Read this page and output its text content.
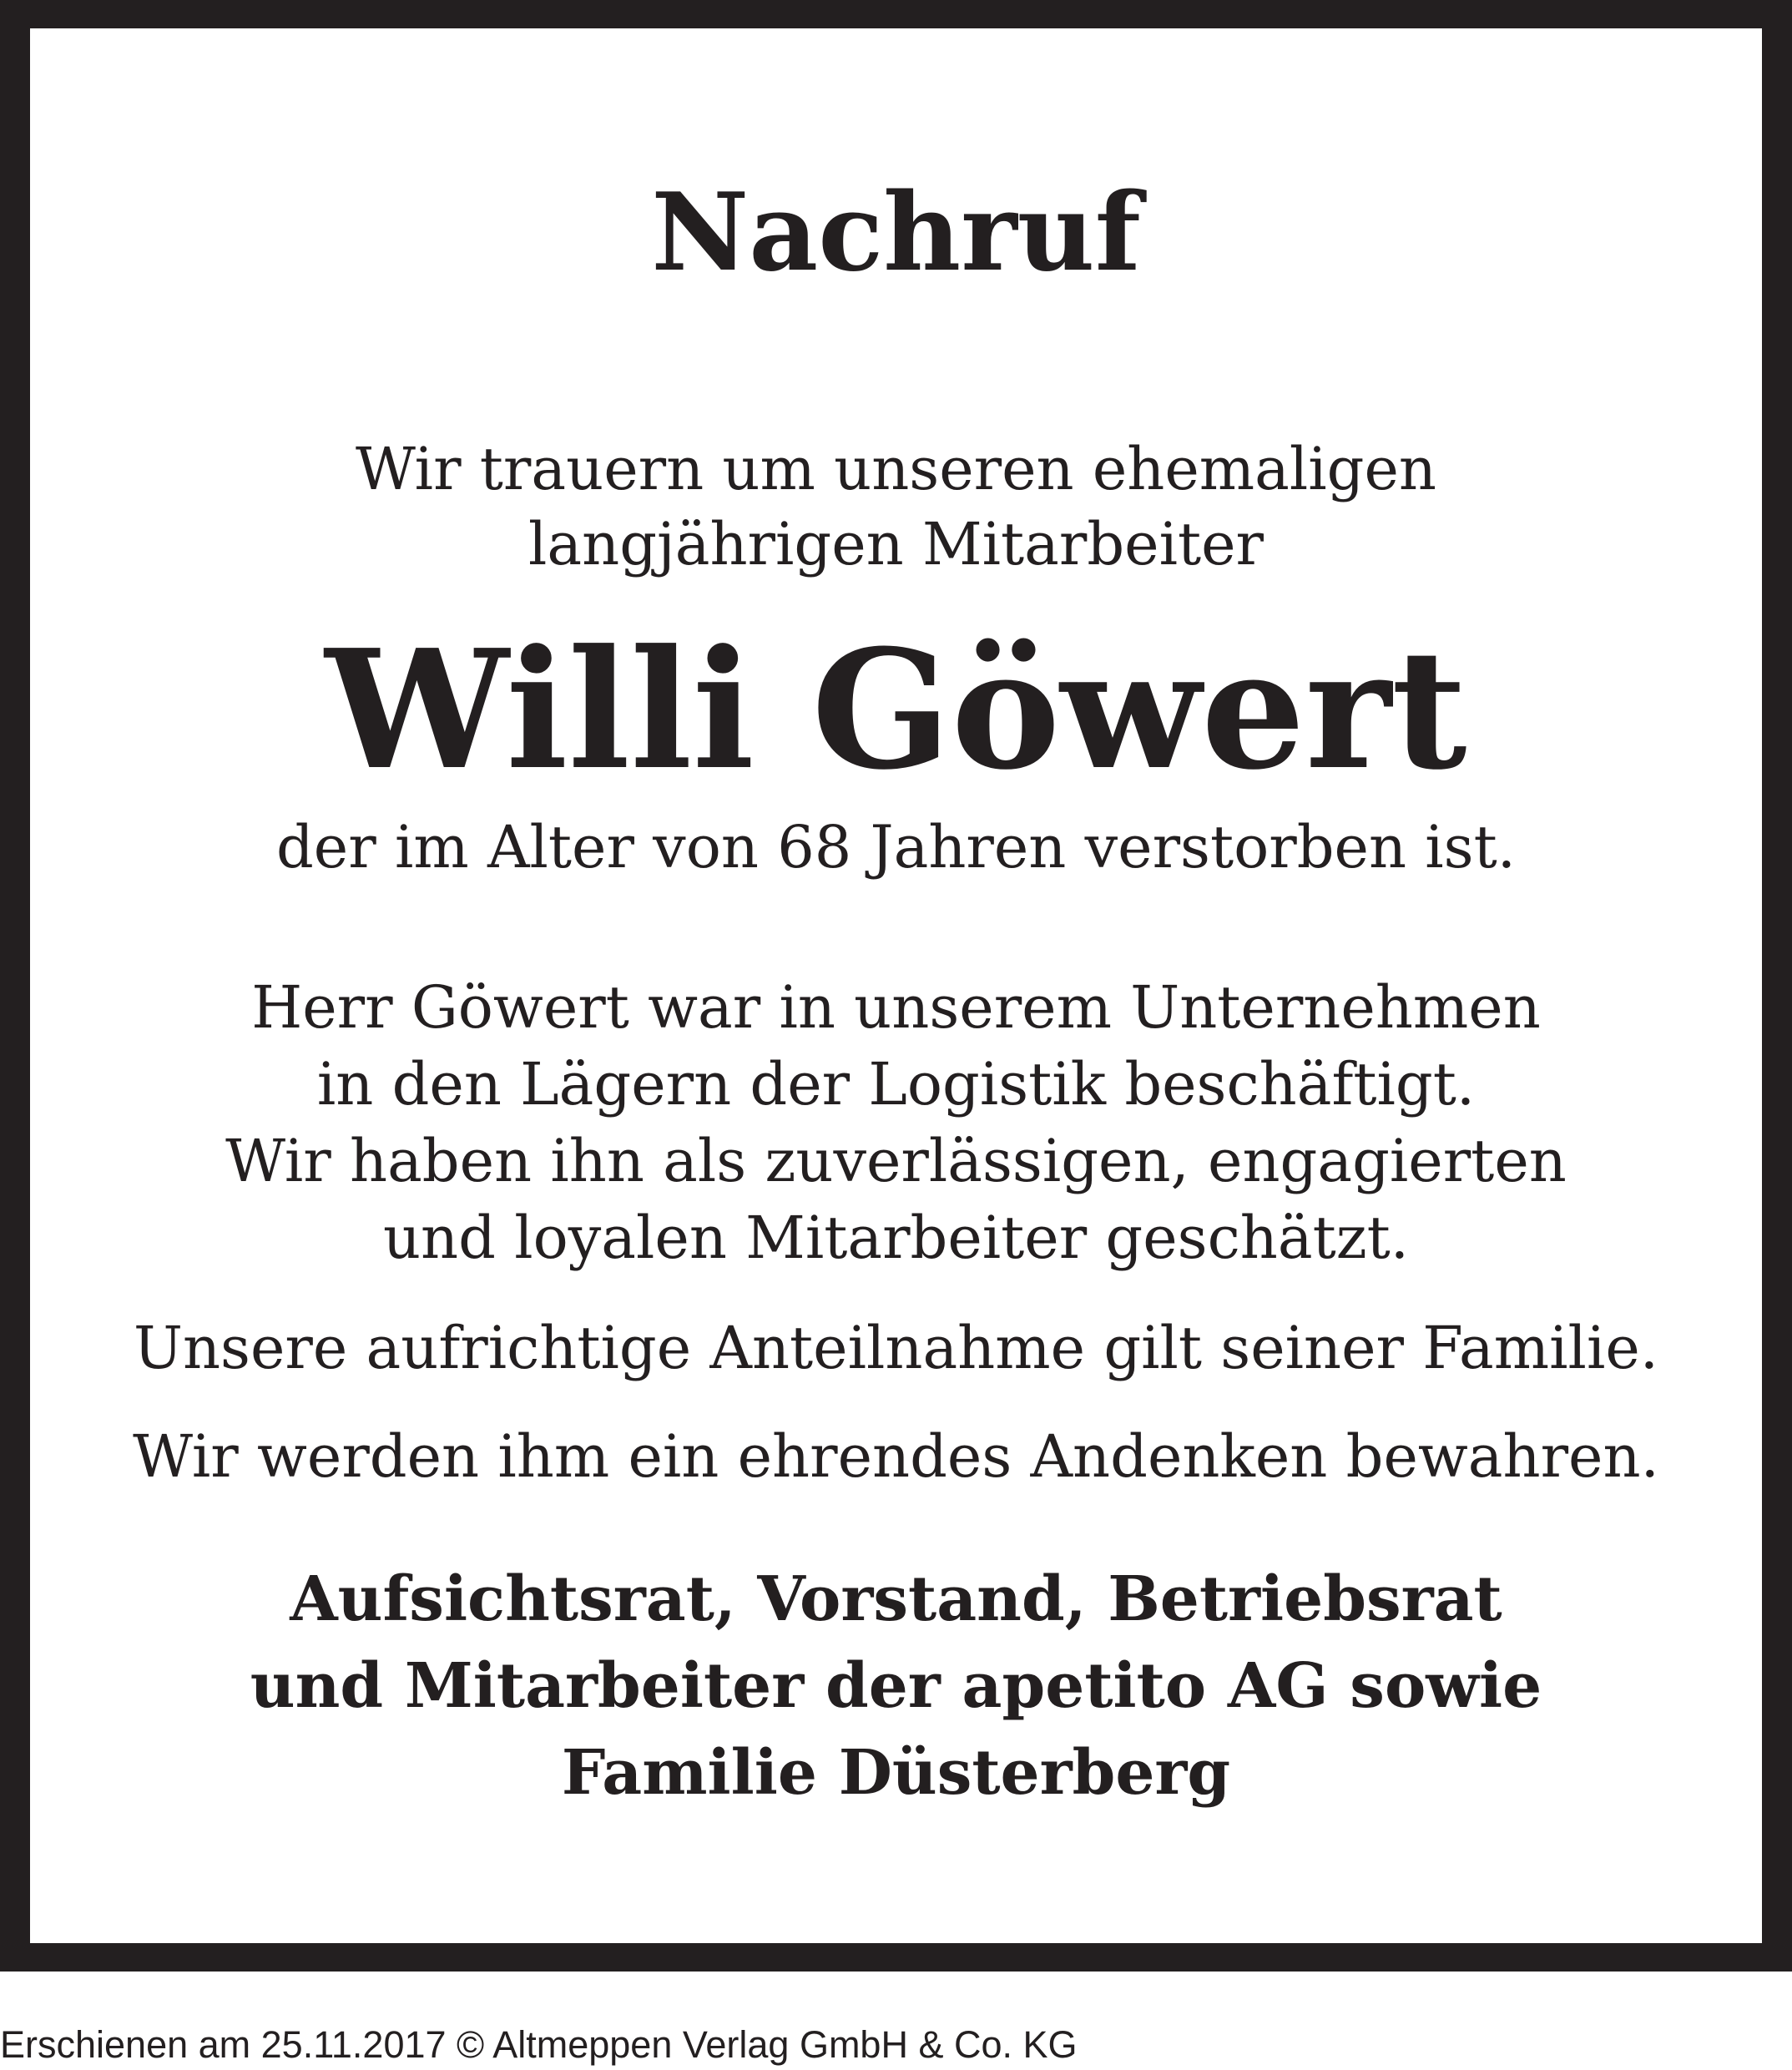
Nachruf

Wir trauern um unseren ehemaligen

langjährigen Mitarbeiter

Willi Göwert

der im Alter von 68 Jahren verstorben ist.

Herr Göwert war in unserem Unternehmen

in den Lägern der Logistik beschäftigt.

Wir haben ihn als zuverlässigen, engagierten

und loyalen Mitarbeiter geschätzt.

Unsere aufrichtige Anteilnahme gilt seiner Familie.

Wir werden ihm ein ehrendes Andenken bewahren.

Aufsichtsrat, Vorstand, Betriebsrat

und Mitarbeiter der apetito AG sowie

Familie Düsterberg

Erschienen am 25.11.2017 © Altmeppen Verlag GmbH & Co. KG
